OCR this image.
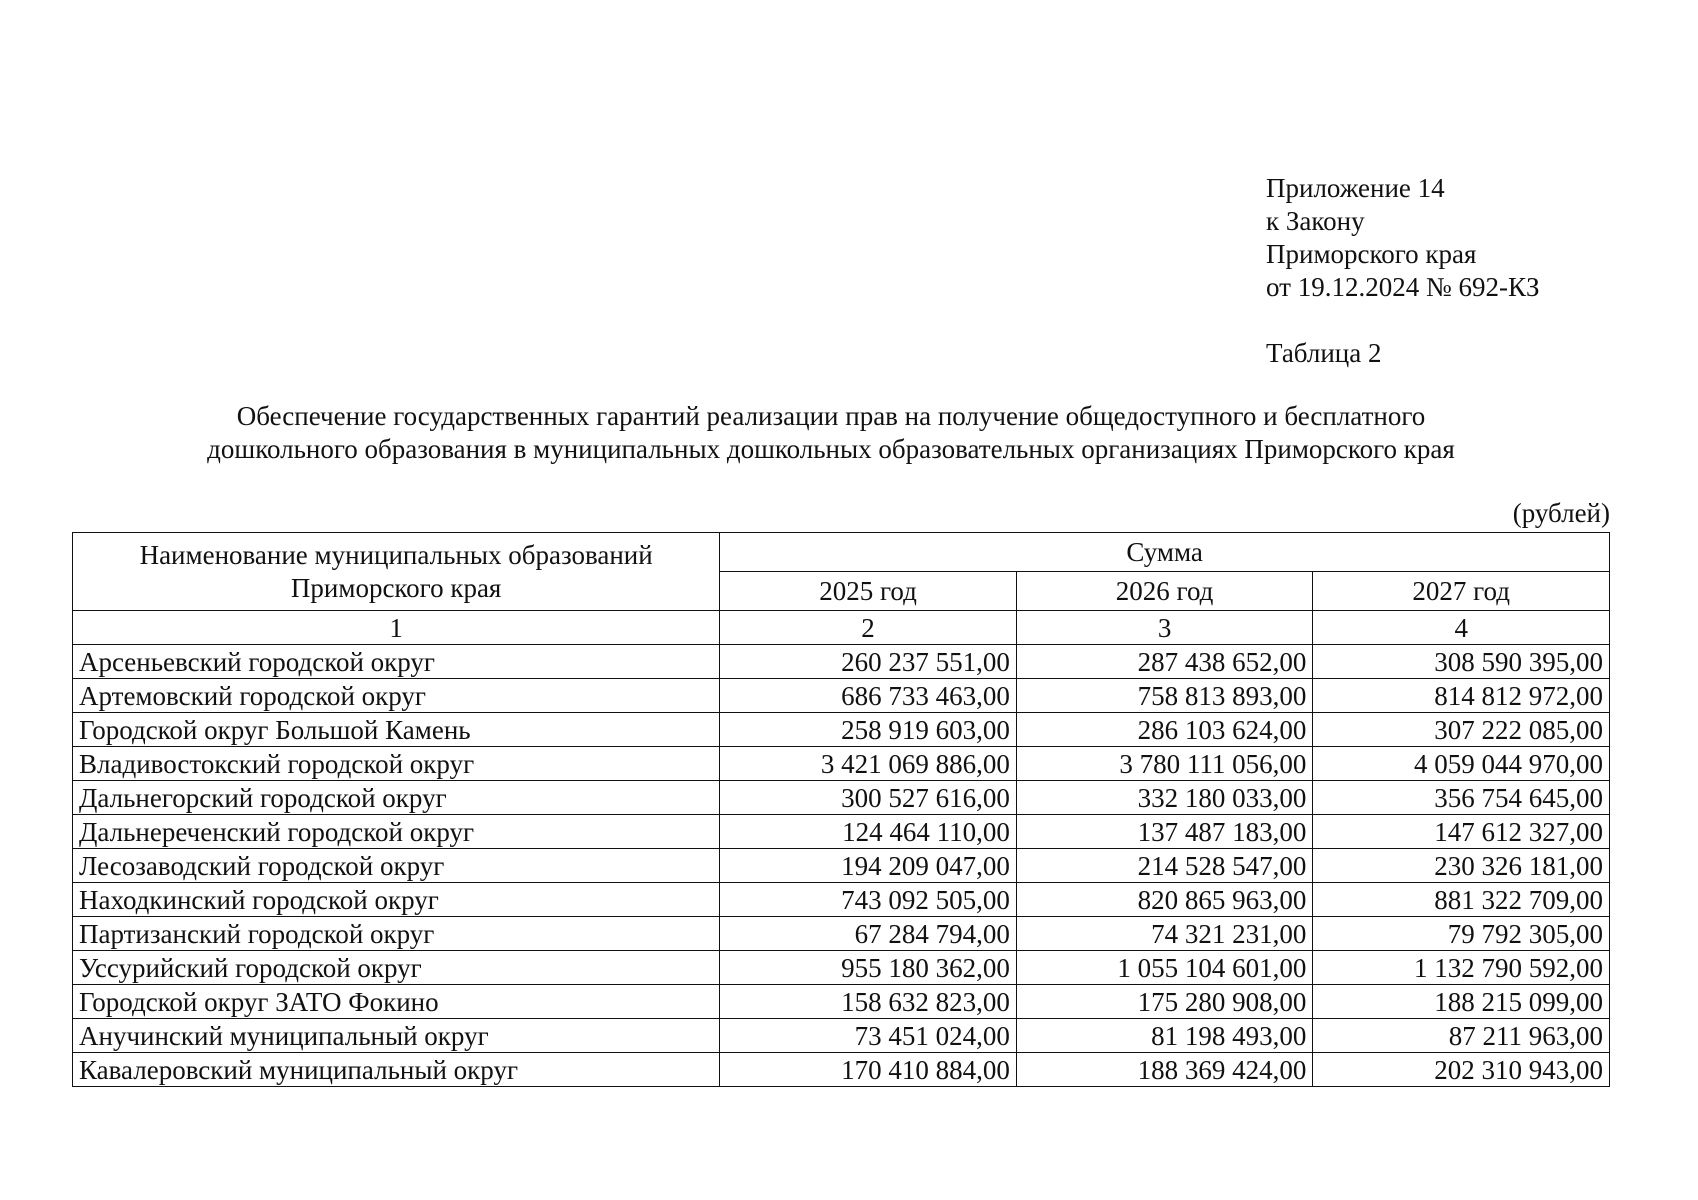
Приложение 14
к Закону
Приморского края
от 19.12.2024 № 692-КЗ
Таблица 2
Обеспечение государственных гарантий реализации прав на получение общедоступного и бесплатного
дошкольного образования в муниципальных дошкольных образовательных организациях Приморского края
(рублей)
Наименование муниципальных образований
Приморского края	Сумма		
	2025 год	2026 год	2027 год
1	2	3	4
Арсеньевский городской округ	260 237 551,00	287 438 652,00	308 590 395,00
Артемовский городской округ	686 733 463,00	758 813 893,00	814 812 972,00
Городской округ Большой Камень	258 919 603,00	286 103 624,00	307 222 085,00
Владивостокский городской округ	3 421 069 886,00	3 780 111 056,00	4 059 044 970,00
Дальнегорский городской округ	300 527 616,00	332 180 033,00	356 754 645,00
Дальнереченский городской округ	124 464 110,00	137 487 183,00	147 612 327,00
Лесозаводский городской округ	194 209 047,00	214 528 547,00	230 326 181,00
Находкинский городской округ	743 092 505,00	820 865 963,00	881 322 709,00
Партизанский городской округ	67 284 794,00	74 321 231,00	79 792 305,00
Уссурийский городской округ	955 180 362,00	1 055 104 601,00	1 132 790 592,00
Городской округ ЗАТО Фокино	158 632 823,00	175 280 908,00	188 215 099,00
Анучинский муниципальный округ	73 451 024,00	81 198 493,00	87 211 963,00
Кавалеровский муниципальный округ	170 410 884,00	188 369 424,00	202 310 943,00
